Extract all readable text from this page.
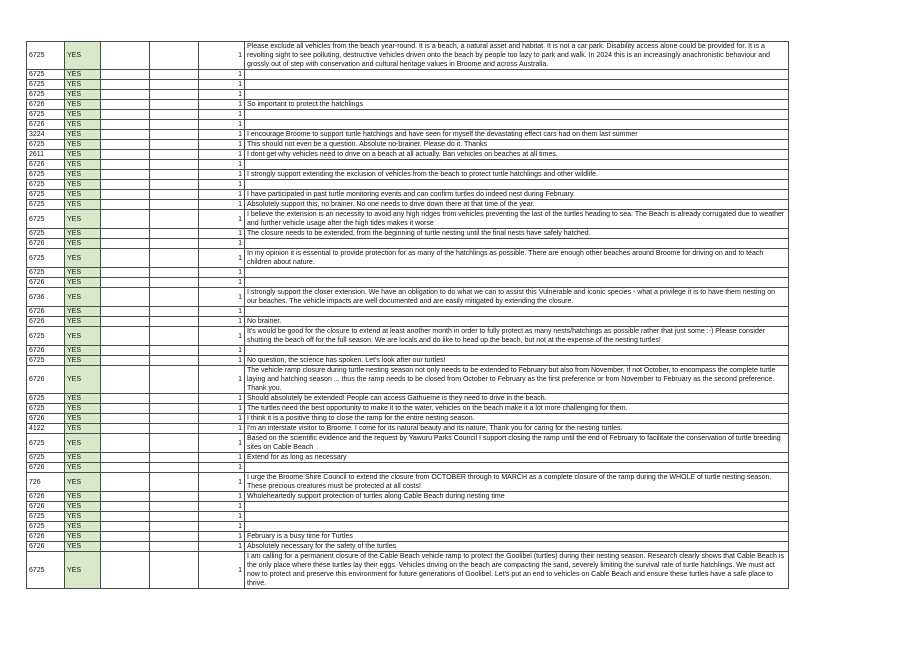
6725	YES			1	Please exclude all vehicles from the beach year-round. It is a beach, a natural asset and habitat. It is not a car park. Disability access alone could be provided for. It is a revolting sight to see polluting, destructive vehicles driven onto the beach by people too lazy to park and walk. In 2024 this is an increasingly anachronistic behaviour and grossly out of step with conservation and cultural heritage values in Broome and across Australia.
6725	YES			1	
6725	YES			1	
6725	YES			1	
6726	YES			1	So important to protect the hatchlings
6725	YES			1	
6726	YES			1	
3224	YES			1	I encourage Broome to support turtle hatchings and have seen for myself the devastating effect cars had on them last summer
6725	YES			1	This should not even be a question. Absolute no-brainer. Please do it. Thanks
2611	YES			1	I dont get why vehicles need to drive on a beach at all actually. Ban vehicles on beaches at all times.
6726	YES			1	
6725	YES			1	I strongly support extending the exclusion of vehicles from the beach to protect turtle hatchlings and other wildlife.
6725	YES			1	
6725	YES			1	I have participated in past turtle monitoring events and can confirm turtles do indeed nest during February.
6725	YES			1	Absolutely support this, no brainer. No one needs to drive down there at that time of the year.
6725	YES			1	I believe the extension is an necessity to avoid any high ridges from vehicles preventing the last of the turtles heading to sea. The Beach is already corrugated due to weather and further vehicle usage after the high tides makes it worse
6725	YES			1	The closure needs to be extended, from the beginning of turtle nesting until the final nests have safely hatched.
6726	YES			1	
6725	YES			1	In my opinion it is essential to provide protection for as many of the hatchlings as possible. There are enough other beaches around Broome for driving on and to teach children about nature.
6725	YES			1	
6726	YES			1	
6736	YES			1	I strongly support the closer extension. We have an obligation to do what we can to assist this Vulnerable and iconic species - what a privilege it is to have them nesting on our beaches. The vehicle impacts are well documented and are easily mitigated by extending the closure.
6726	YES			1	
6726	YES			1	No brainer.
6725	YES			1	It's would be good for the closure to extend at least another month in order to fully protect as many nests/hatchings as possible rather that just some :-) Please consider shutting the beach off for the full season. We are locals and do like to head up the beach, but not at the expense of the nesting turtles!
6726	YES			1	
6725	YES			1	No question, the science has spoken. Let's look after our turtles!
6726	YES			1	The vehicle ramp closure during turtle nesting season not only needs to be extended to February but also from November, if not October, to encompass the complete turtle laying and hatching season ... thus the ramp needs to be closed from October to February as the first preference or from November to February as the second preference. Thank you.
6725	YES			1	Should absolutely be extended! People can access Gathueme is they need to drive in the beach.
6725	YES			1	The turtles need the best opportunity to make it to the water, vehicles on the beach make it a lot more challenging for them.
6726	YES			1	I think it is a positive thing to close the ramp for the entire nesting season.
4122	YES			1	I'm an interstate visitor to Broome. I come for its natural beauty and its nature. Thank you for caring for the nesting turtles.
6725	YES			1	Based on the scientific evidence and the request by Yawuru Parks Council I support closing the ramp until the end of February to facilitate the conservation of turtle breeding sites on Cable Beach
6725	YES			1	Extend for as long as necessary
6726	YES			1	
726	YES			1	I urge the Broome Shire Council to extend the closure from OCTOBER through to MARCH as a complete closure of the ramp during the WHOLE of turtle nesting season. These precious creatures must be protected at all costs!
6726	YES			1	Wholeheartedly support protection of turtles along Cable Beach during nesting time
6726	YES			1	
6725	YES			1	
6725	YES			1	
6726	YES			1	February is a busy time for Turtles
6726	YES			1	Absolutely necessary for the safety of the turtles
6725	YES			1	I am calling for a permanent closure of the Cable Beach vehicle ramp to protect the Goolibel (turtles) during their nesting season. Research clearly shows that Cable Beach is the only place where these turtles lay their eggs. Vehicles driving on the beach are compacting the sand, severely limiting the survival rate of turtle hatchlings. We must act now to protect and preserve this environment for future generations of Goolibel. Let's put an end to vehicles on Cable Beach and ensure these turtles have a safe place to thrive.
